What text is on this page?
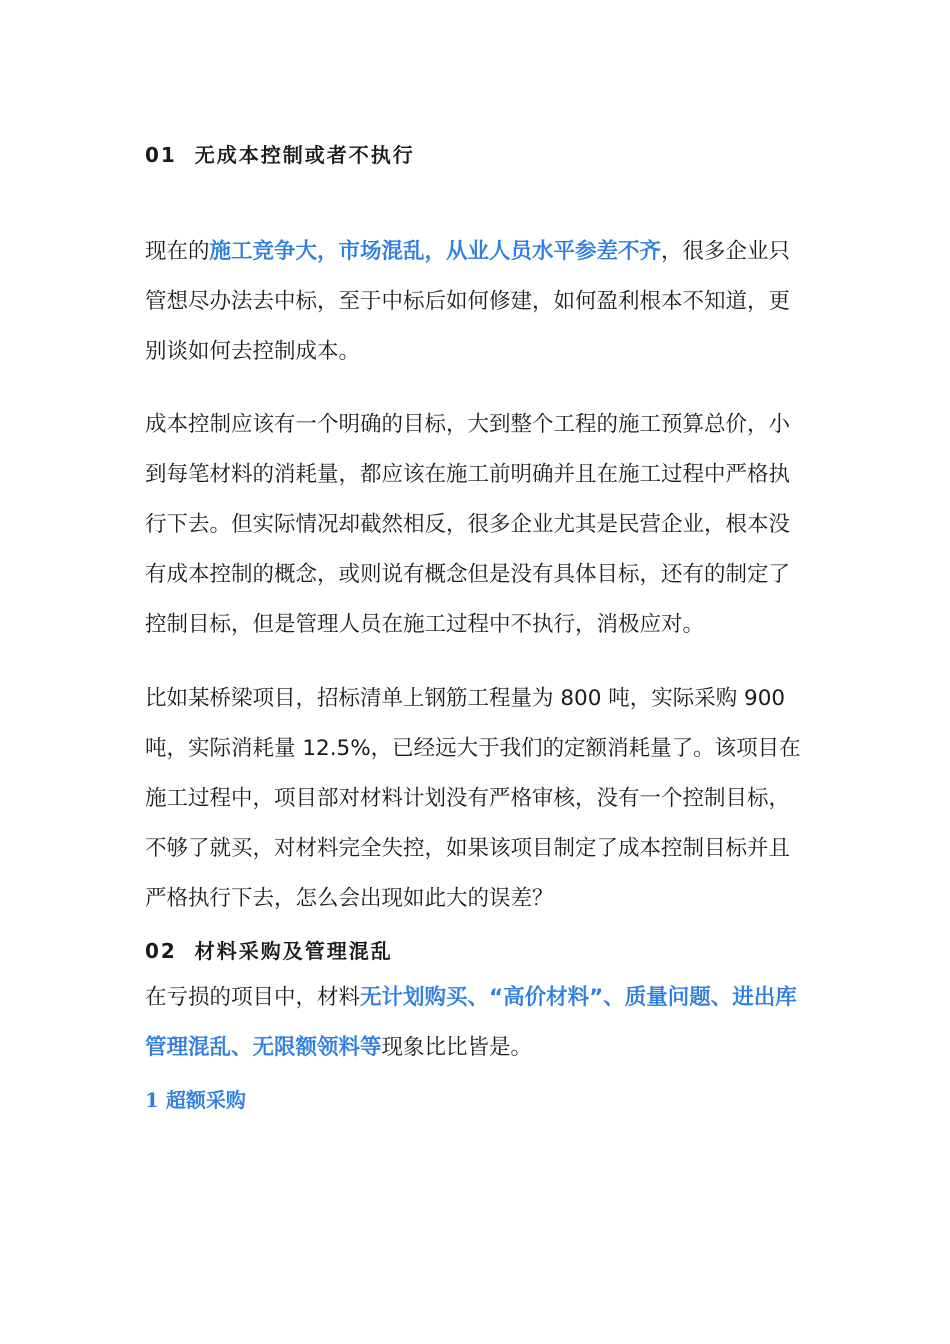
01 无成本控制或者不执行
现在的施工竞争大，市场混乱，从业人员水平参差不齐，很多企业只管想尽办法去中标，至于中标后如何修建，如何盈利根本不知道，更别谈如何去控制成本。
成本控制应该有一个明确的目标，大到整个工程的施工预算总价，小到每笔材料的消耗量，都应该在施工前明确并且在施工过程中严格执行下去。但实际情况却截然相反，很多企业尤其是民营企业，根本没有成本控制的概念，或则说有概念但是没有具体目标，还有的制定了控制目标，但是管理人员在施工过程中不执行，消极应对。
比如某桥梁项目，招标清单上钢筋工程量为 800 吨，实际采购 900 吨，实际消耗量 12.5%，已经远大于我们的定额消耗量了。该项目在施工过程中，项目部对材料计划没有严格审核，没有一个控制目标，不够了就买，对材料完全失控，如果该项目制定了成本控制目标并且严格执行下去，怎么会出现如此大的误差？
02 材料采购及管理混乱
在亏损的项目中，材料无计划购买、“高价材料”、质量问题、进出库管理混乱、无限额领料等现象比比皆是。
1 超额采购
